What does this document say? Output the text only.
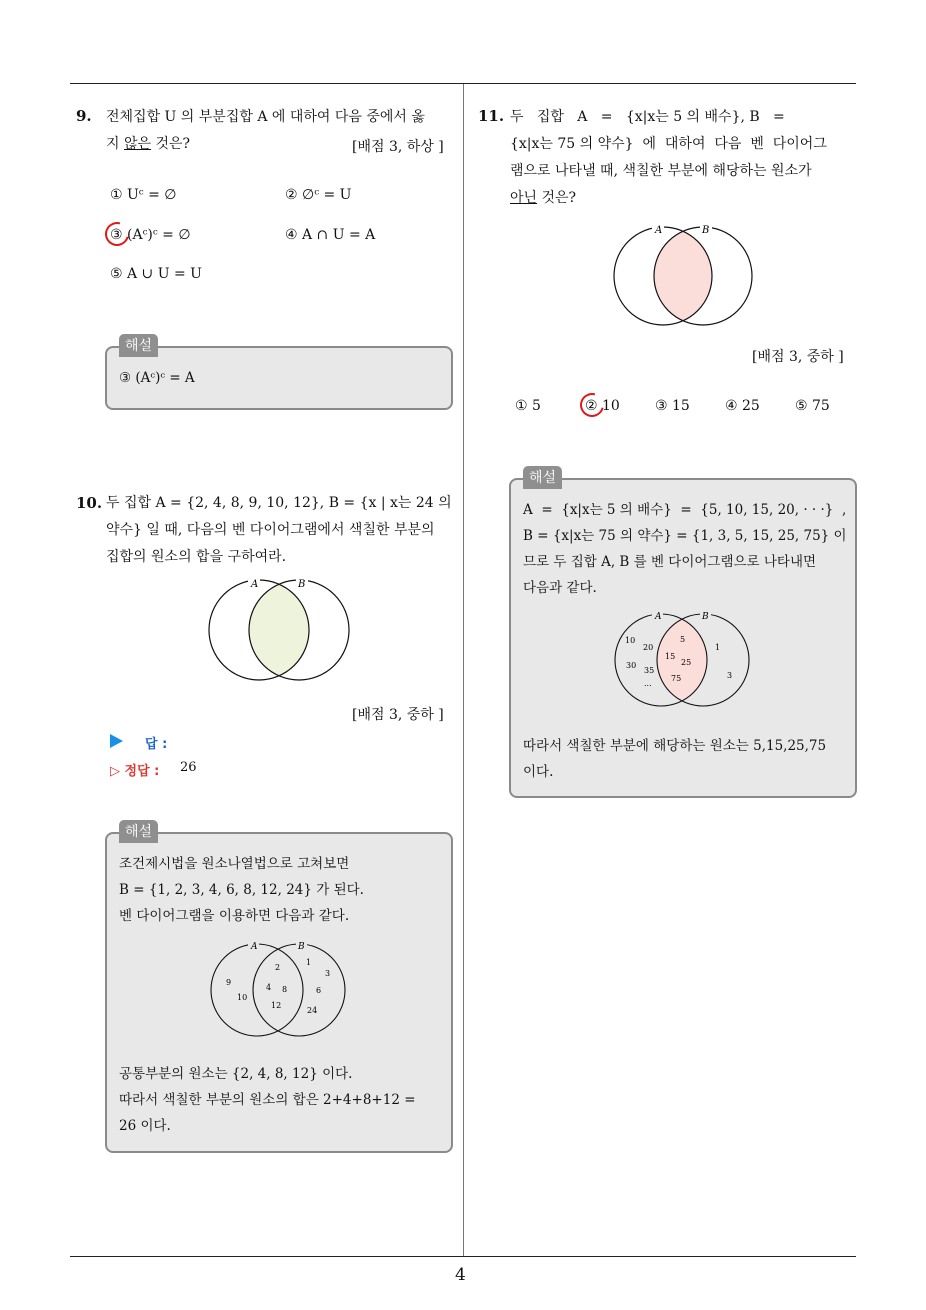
4
9. 전체집합 U 의 부분집합 A 에 대하여 다음 중에서 옳
지 않은 것은?	[배점 3, 하상 ]
① Uᶜ = ∅	② ∅ᶜ = U
③ (Aᶜ)ᶜ = ∅	④ A ∩ U = A
⑤ A ∪ U = U
해설
③ (Aᶜ)ᶜ = A
10. 두 집합 A = {2, 4, 8, 9, 10, 12}, B = {x | x는 24 의
약수} 일 때, 다음의 벤 다이어그램에서 색칠한 부분의
집합의 원소의 합을 구하여라.
A	B
[배점 3, 중하 ]
답 :
▷ 정답 : 26
해설
조건제시법을 원소나열법으로 고쳐보면
B = {1, 2, 3, 4, 6, 8, 12, 24} 가 된다.
벤 다이어그램을 이용하면 다음과 같다.
A	B
9
10
2
4 8
12
1
3
6
24
공통부분의 원소는 {2, 4, 8, 12} 이다.
따라서 색칠한 부분의 원소의 합은 2+4+8+12 =
26 이다.
11. 두   집합   A   =   {x|x는 5 의 배수}, B   =
{x|x는 75 의 약수}  에  대하여  다음  벤  다이어그
램으로 나타낼 때, 색칠한 부분에 해당하는 원소가
아닌 것은?
A	B
[배점 3, 중하 ]
① 5	② 10	③ 15	④ 25	⑤ 75
해설
A  =  {x|x는 5 의 배수}  =  {5, 10, 15, 20, · · ·}  ,
B = {x|x는 75 의 약수} = {1, 3, 5, 15, 25, 75} 이
므로 두 집합 A, B 를 벤 다이어그램으로 나타내면
다음과 같다.
A	B
10
20
30
35
...
5
15
25
75
1
3
따라서 색칠한 부분에 해당하는 원소는 5,15,25,75
이다.
